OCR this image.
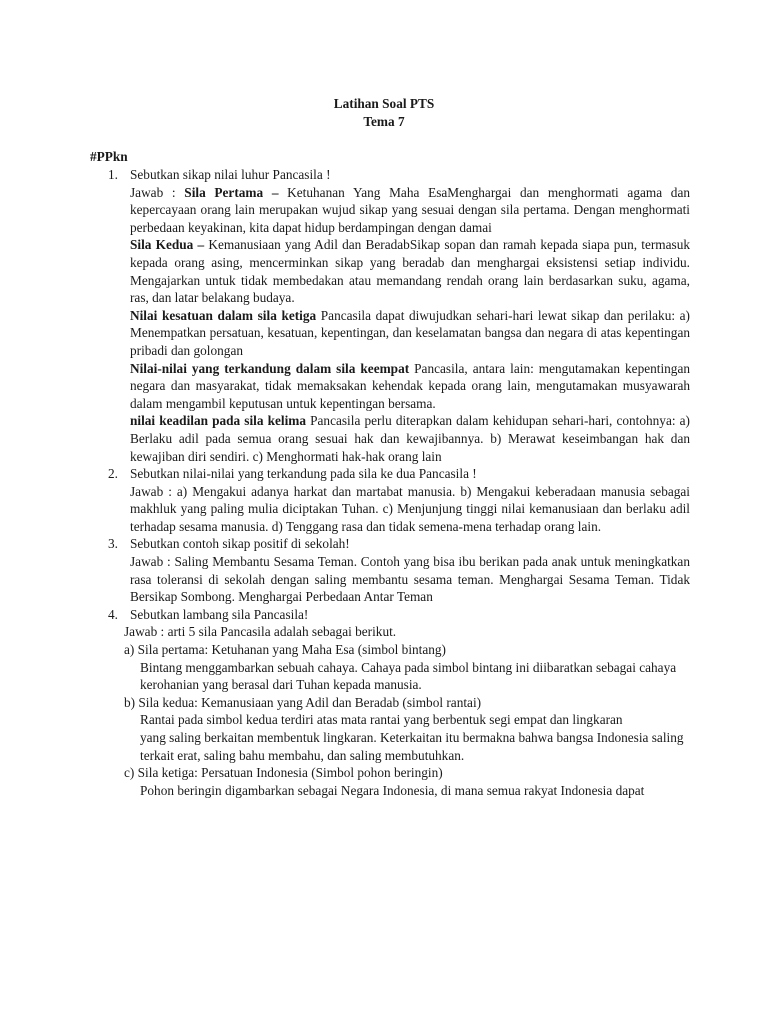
Latihan Soal PTS
Tema 7
#PPkn
1. Sebutkan sikap nilai luhur Pancasila !
Jawab : Sila Pertama – Ketuhanan Yang Maha EsaMenghargai dan menghormati agama dan kepercayaan orang lain merupakan wujud sikap yang sesuai dengan sila pertama. Dengan menghormati perbedaan keyakinan, kita dapat hidup berdampingan dengan damai
Sila Kedua – Kemanusiaan yang Adil dan BeradabSikap sopan dan ramah kepada siapa pun, termasuk kepada orang asing, mencerminkan sikap yang beradab dan menghargai eksistensi setiap individu. Mengajarkan untuk tidak membedakan atau memandang rendah orang lain berdasarkan suku, agama, ras, dan latar belakang budaya.
Nilai kesatuan dalam sila ketiga Pancasila dapat diwujudkan sehari-hari lewat sikap dan perilaku: a) Menempatkan persatuan, kesatuan, kepentingan, dan keselamatan bangsa dan negara di atas kepentingan pribadi dan golongan
Nilai-nilai yang terkandung dalam sila keempat Pancasila, antara lain: mengutamakan kepentingan negara dan masyarakat, tidak memaksakan kehendak kepada orang lain, mengutamakan musyawarah dalam mengambil keputusan untuk kepentingan bersama.
nilai keadilan pada sila kelima Pancasila perlu diterapkan dalam kehidupan sehari-hari, contohnya: a) Berlaku adil pada semua orang sesuai hak dan kewajibannya. b) Merawat keseimbangan hak dan kewajiban diri sendiri. c) Menghormati hak-hak orang lain
2. Sebutkan nilai-nilai yang terkandung pada sila ke dua Pancasila !
Jawab : a) Mengakui adanya harkat dan martabat manusia. b) Mengakui keberadaan manusia sebagai makhluk yang paling mulia diciptakan Tuhan. c) Menjunjung tinggi nilai kemanusiaan dan berlaku adil terhadap sesama manusia. d) Tenggang rasa dan tidak semena-mena terhadap orang lain.
3. Sebutkan contoh sikap positif di sekolah!
Jawab : Saling Membantu Sesama Teman. Contoh yang bisa ibu berikan pada anak untuk meningkatkan rasa toleransi di sekolah dengan saling membantu sesama teman. Menghargai Sesama Teman. Tidak Bersikap Sombong. Menghargai Perbedaan Antar Teman
4. Sebutkan lambang sila Pancasila!
Jawab : arti 5 sila Pancasila adalah sebagai berikut.
a) Sila pertama: Ketuhanan yang Maha Esa (simbol bintang)
Bintang menggambarkan sebuah cahaya. Cahaya pada simbol bintang ini diibaratkan sebagai cahaya kerohanian yang berasal dari Tuhan kepada manusia.
b) Sila kedua: Kemanusiaan yang Adil dan Beradab (simbol rantai)
Rantai pada simbol kedua terdiri atas mata rantai yang berbentuk segi empat dan lingkaran
yang saling berkaitan membentuk lingkaran. Keterkaitan itu bermakna bahwa bangsa Indonesia saling terkait erat, saling bahu membahu, dan saling membutuhkan.
c) Sila ketiga: Persatuan Indonesia (Simbol pohon beringin)
Pohon beringin digambarkan sebagai Negara Indonesia, di mana semua rakyat Indonesia dapat
